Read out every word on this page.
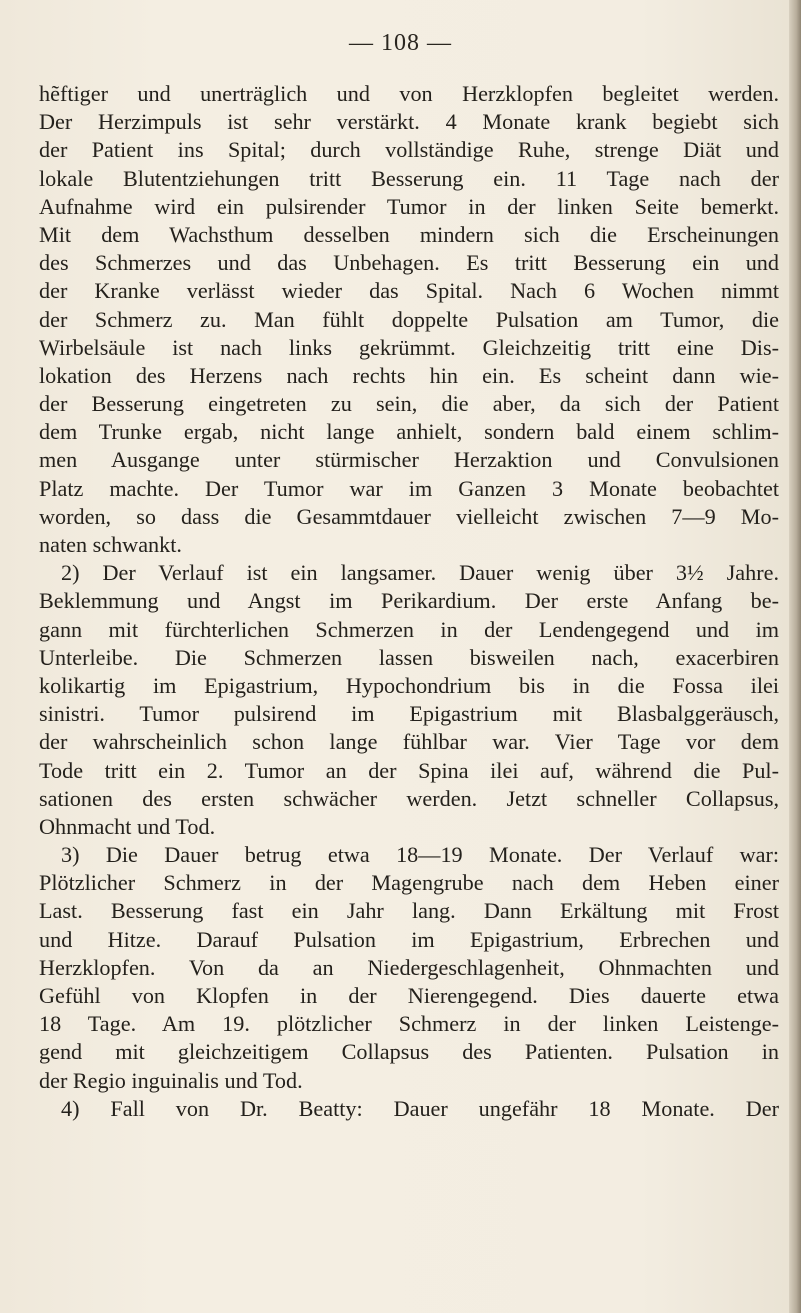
— 108 —
hẽftiger und unerträglich und von Herzklopfen begleitet werden.
Der Herzimpuls ist sehr verstärkt. 4 Monate krank begiebt sich
der Patient ins Spital; durch vollständige Ruhe, strenge Diät und
lokale Blutentziehungen tritt Besserung ein. 11 Tage nach der
Aufnahme wird ein pulsirender Tumor in der linken Seite bemerkt.
Mit dem Wachsthum desselben mindern sich die Erscheinungen
des Schmerzes und das Unbehagen. Es tritt Besserung ein und
der Kranke verlässt wieder das Spital. Nach 6 Wochen nimmt
der Schmerz zu. Man fühlt doppelte Pulsation am Tumor, die
Wirbelsäule ist nach links gekrümmt. Gleichzeitig tritt eine Dis-
lokation des Herzens nach rechts hin ein. Es scheint dann wie-
der Besserung eingetreten zu sein, die aber, da sich der Patient
dem Trunke ergab, nicht lange anhielt, sondern bald einem schlim-
men Ausgange unter stürmischer Herzaktion und Convulsionen
Platz machte. Der Tumor war im Ganzen 3 Monate beobachtet
worden, so dass die Gesammtdauer vielleicht zwischen 7—9 Mo-
naten schwankt.
2) Der Verlauf ist ein langsamer. Dauer wenig über 3½ Jahre.
Beklemmung und Angst im Perikardium. Der erste Anfang be-
gann mit fürchterlichen Schmerzen in der Lendengegend und im
Unterleibe. Die Schmerzen lassen bisweilen nach, exacerbiren
kolikartig im Epigastrium, Hypochondrium bis in die Fossa ilei
sinistri. Tumor pulsirend im Epigastrium mit Blasbalggeräusch,
der wahrscheinlich schon lange fühlbar war. Vier Tage vor dem
Tode tritt ein 2. Tumor an der Spina ilei auf, während die Pul-
sationen des ersten schwächer werden. Jetzt schneller Collapsus,
Ohnmacht und Tod.
3) Die Dauer betrug etwa 18—19 Monate. Der Verlauf war:
Plötzlicher Schmerz in der Magengrube nach dem Heben einer
Last. Besserung fast ein Jahr lang. Dann Erkältung mit Frost
und Hitze. Darauf Pulsation im Epigastrium, Erbrechen und
Herzklopfen. Von da an Niedergeschlagenheit, Ohnmachten und
Gefühl von Klopfen in der Nierengegend. Dies dauerte etwa
18 Tage. Am 19. plötzlicher Schmerz in der linken Leistenge-
gend mit gleichzeitigem Collapsus des Patienten. Pulsation in
der Regio inguinalis und Tod.
4) Fall von Dr. Beatty: Dauer ungefähr 18 Monate. Der
